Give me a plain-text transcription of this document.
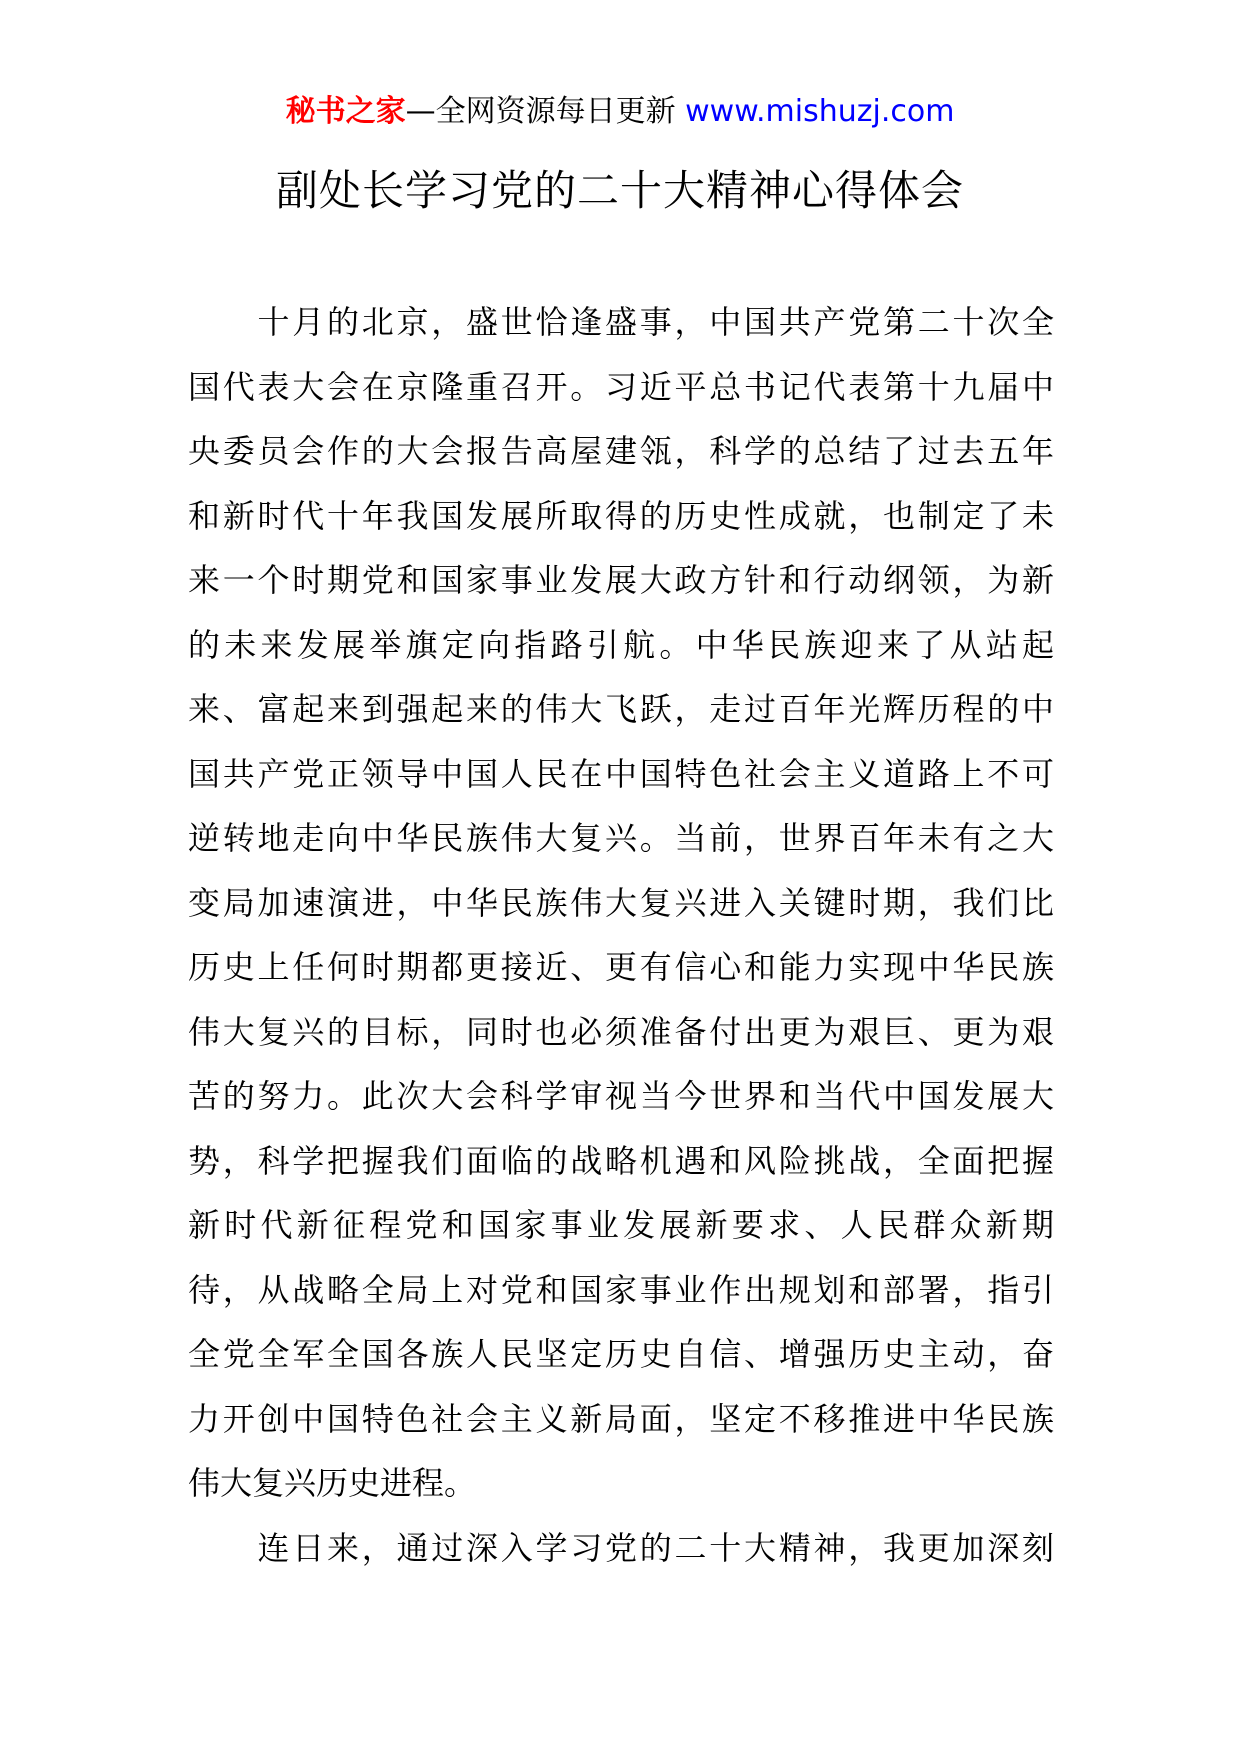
秘书之家—全网资源每日更新 www.mishuzj.com
副处长学习党的二十大精神心得体会
　　十月的北京，盛世恰逢盛事，中国共产党第二十次全
国代表大会在京隆重召开。习近平总书记代表第十九届中
央委员会作的大会报告高屋建瓴，科学的总结了过去五年
和新时代十年我国发展所取得的历史性成就，也制定了未
来一个时期党和国家事业发展大政方针和行动纲领，为新
的未来发展举旗定向指路引航。中华民族迎来了从站起
来、富起来到强起来的伟大飞跃，走过百年光辉历程的中
国共产党正领导中国人民在中国特色社会主义道路上不可
逆转地走向中华民族伟大复兴。当前，世界百年未有之大
变局加速演进，中华民族伟大复兴进入关键时期，我们比
历史上任何时期都更接近、更有信心和能力实现中华民族
伟大复兴的目标，同时也必须准备付出更为艰巨、更为艰
苦的努力。此次大会科学审视当今世界和当代中国发展大
势，科学把握我们面临的战略机遇和风险挑战，全面把握
新时代新征程党和国家事业发展新要求、人民群众新期
待，从战略全局上对党和国家事业作出规划和部署，指引
全党全军全国各族人民坚定历史自信、增强历史主动，奋
力开创中国特色社会主义新局面，坚定不移推进中华民族
伟大复兴历史进程。
　　连日来，通过深入学习党的二十大精神，我更加深刻
